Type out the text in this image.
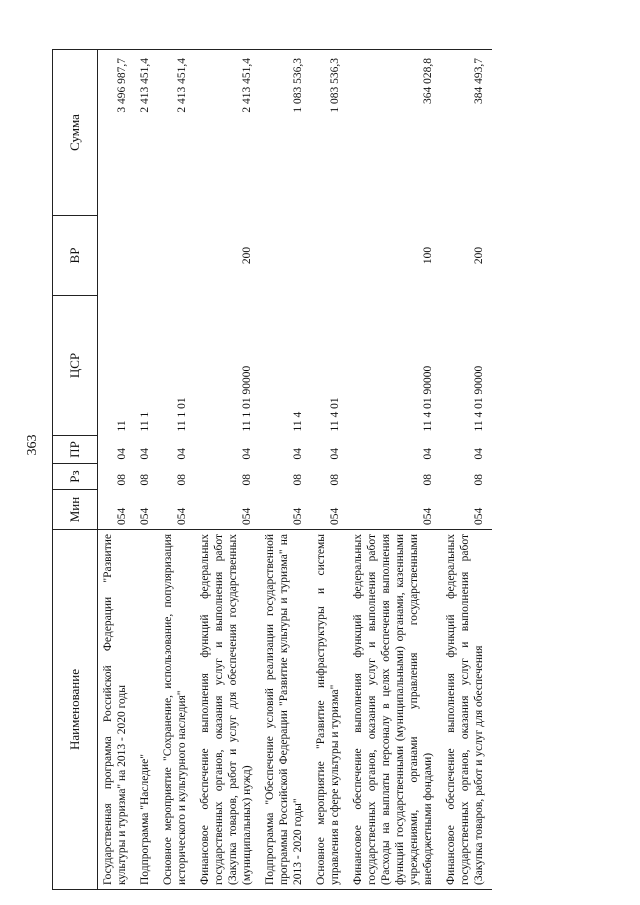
363
Наименование	Мин	Рз	ПР	ЦСР	ВР	Сумма
Государственная программа Российской Федерации "Развитие культуры и туризма" на 2013 - 2020 годы	054	08	04	11		3 496 987,7
Подпрограмма "Наследие"	054	08	04	11 1		2 413 451,4
Основное мероприятие "Сохранение, использование, популяризация исторического и культурного наследия"	054	08	04	11 1 01		2 413 451,4
Финансовое обеспечение выполнения функций федеральных государственных органов, оказания услуг и выполнения работ (Закупка товаров, работ и услуг для обеспечения государственных (муниципальных) нужд)	054	08	04	11 1 01 90000	200	2 413 451,4
Подпрограмма "Обеспечение условий реализации государственной программы Российской Федерации "Развитие культуры и туризма" на 2013 - 2020 годы"	054	08	04	11 4		1 083 536,3
Основное мероприятие "Развитие инфраструктуры и системы управления в сфере культуры и туризма"	054	08	04	11 4 01		1 083 536,3
Финансовое обеспечение выполнения функций федеральных государственных органов, оказания услуг и выполнения работ (Расходы на выплаты персоналу в целях обеспечения выполнения функций государственными (муниципальными) органами, казенными учреждениями, органами управления государственными внебюджетными фондами)	054	08	04	11 4 01 90000	100	364 028,8
Финансовое обеспечение выполнения функций федеральных государственных органов, оказания услуг и выполнения работ (Закупка товаров, работ и услуг для обеспечения	054	08	04	11 4 01 90000	200	384 493,7
